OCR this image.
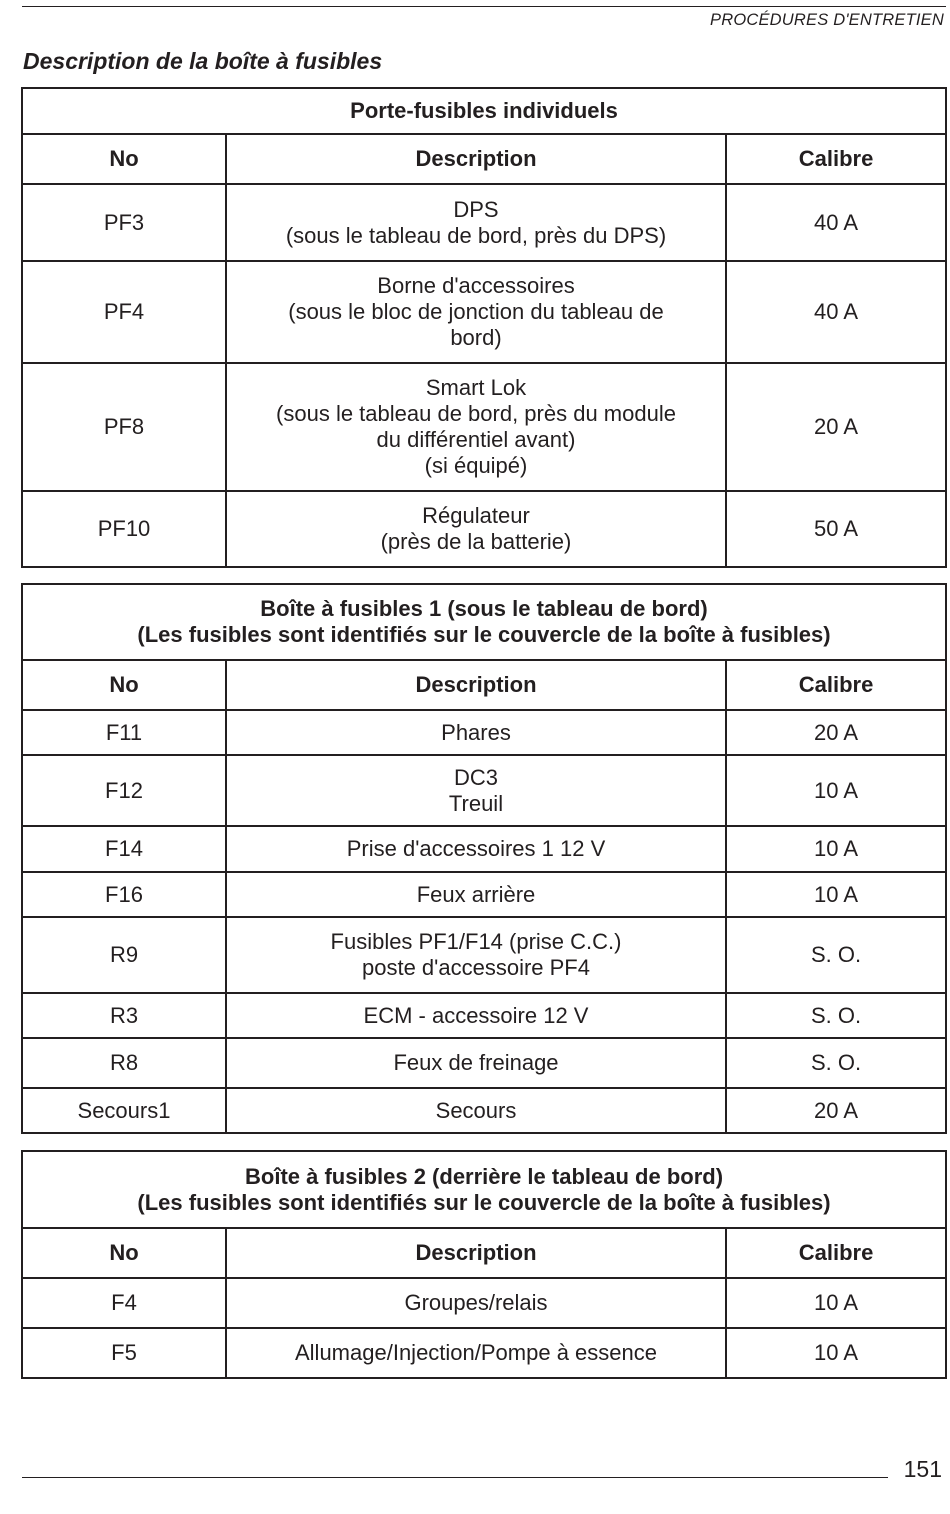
PROCÉDURES D'ENTRETIEN
Description de la boîte à fusibles
Porte-fusibles individuels		
No	Description	Calibre
PF3	DPS
(sous le tableau de bord, près du DPS)	40 A
PF4	Borne d'accessoires
(sous le bloc de jonction du tableau de
bord)	40 A
PF8	Smart Lok
(sous le tableau de bord, près du module
du différentiel avant)
(si équipé)	20 A
PF10	Régulateur
(près de la batterie)	50 A
Boîte à fusibles 1 (sous le tableau de bord)
(Les fusibles sont identifiés sur le couvercle de la boîte à fusibles)		
No	Description	Calibre
F11	Phares	20 A
F12	DC3
Treuil	10 A
F14	Prise d'accessoires 1 12 V	10 A
F16	Feux arrière	10 A
R9	Fusibles PF1/F14 (prise C.C.)
poste d'accessoire PF4	S. O.
R3	ECM - accessoire 12 V	S. O.
R8	Feux de freinage	S. O.
Secours1	Secours	20 A
Boîte à fusibles 2 (derrière le tableau de bord)
(Les fusibles sont identifiés sur le couvercle de la boîte à fusibles)		
No	Description	Calibre
F4	Groupes/relais	10 A
F5	Allumage/Injection/Pompe à essence	10 A
151
